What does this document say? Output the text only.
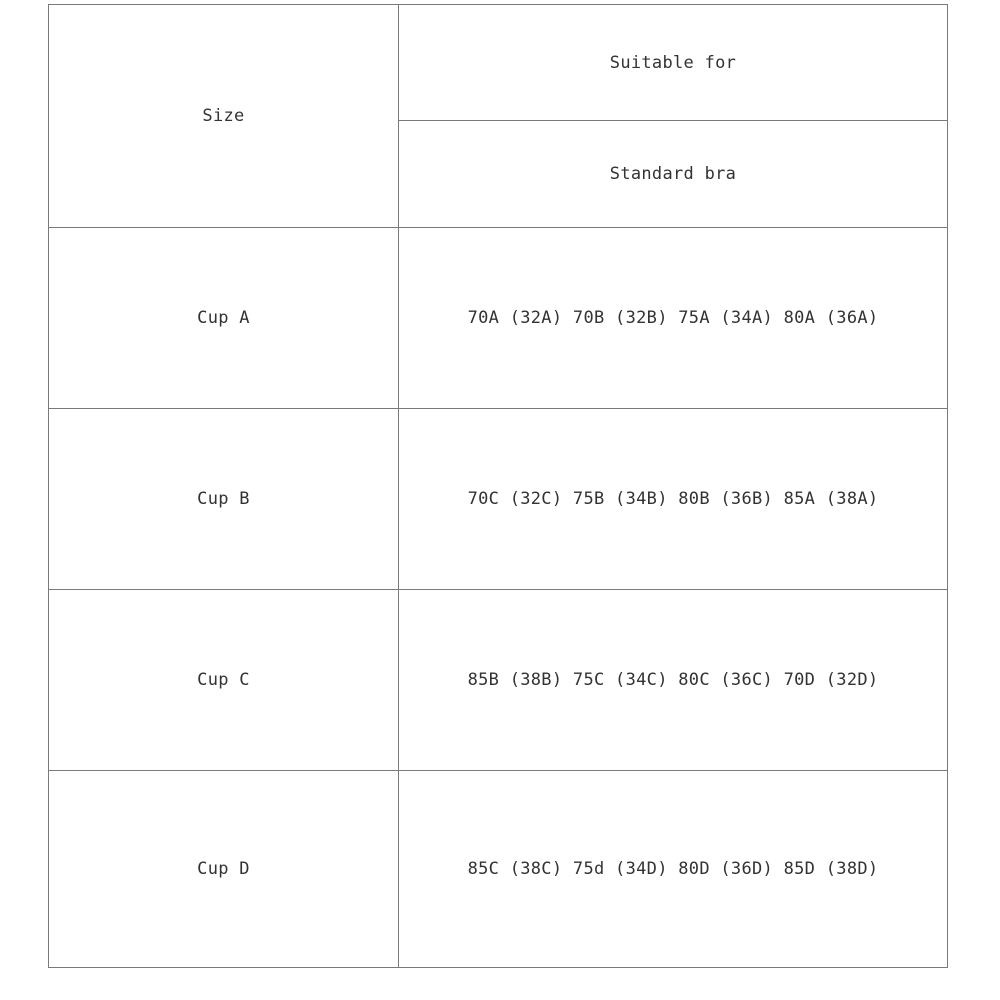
Size	Suitable for
	Standard bra
Cup A	70A (32A) 70B (32B) 75A (34A) 80A (36A)
Cup B	70C (32C) 75B (34B) 80B (36B) 85A (38A)
Cup C	85B (38B) 75C (34C) 80C (36C) 70D (32D)
Cup D	85C (38C) 75d (34D) 80D (36D) 85D (38D)
